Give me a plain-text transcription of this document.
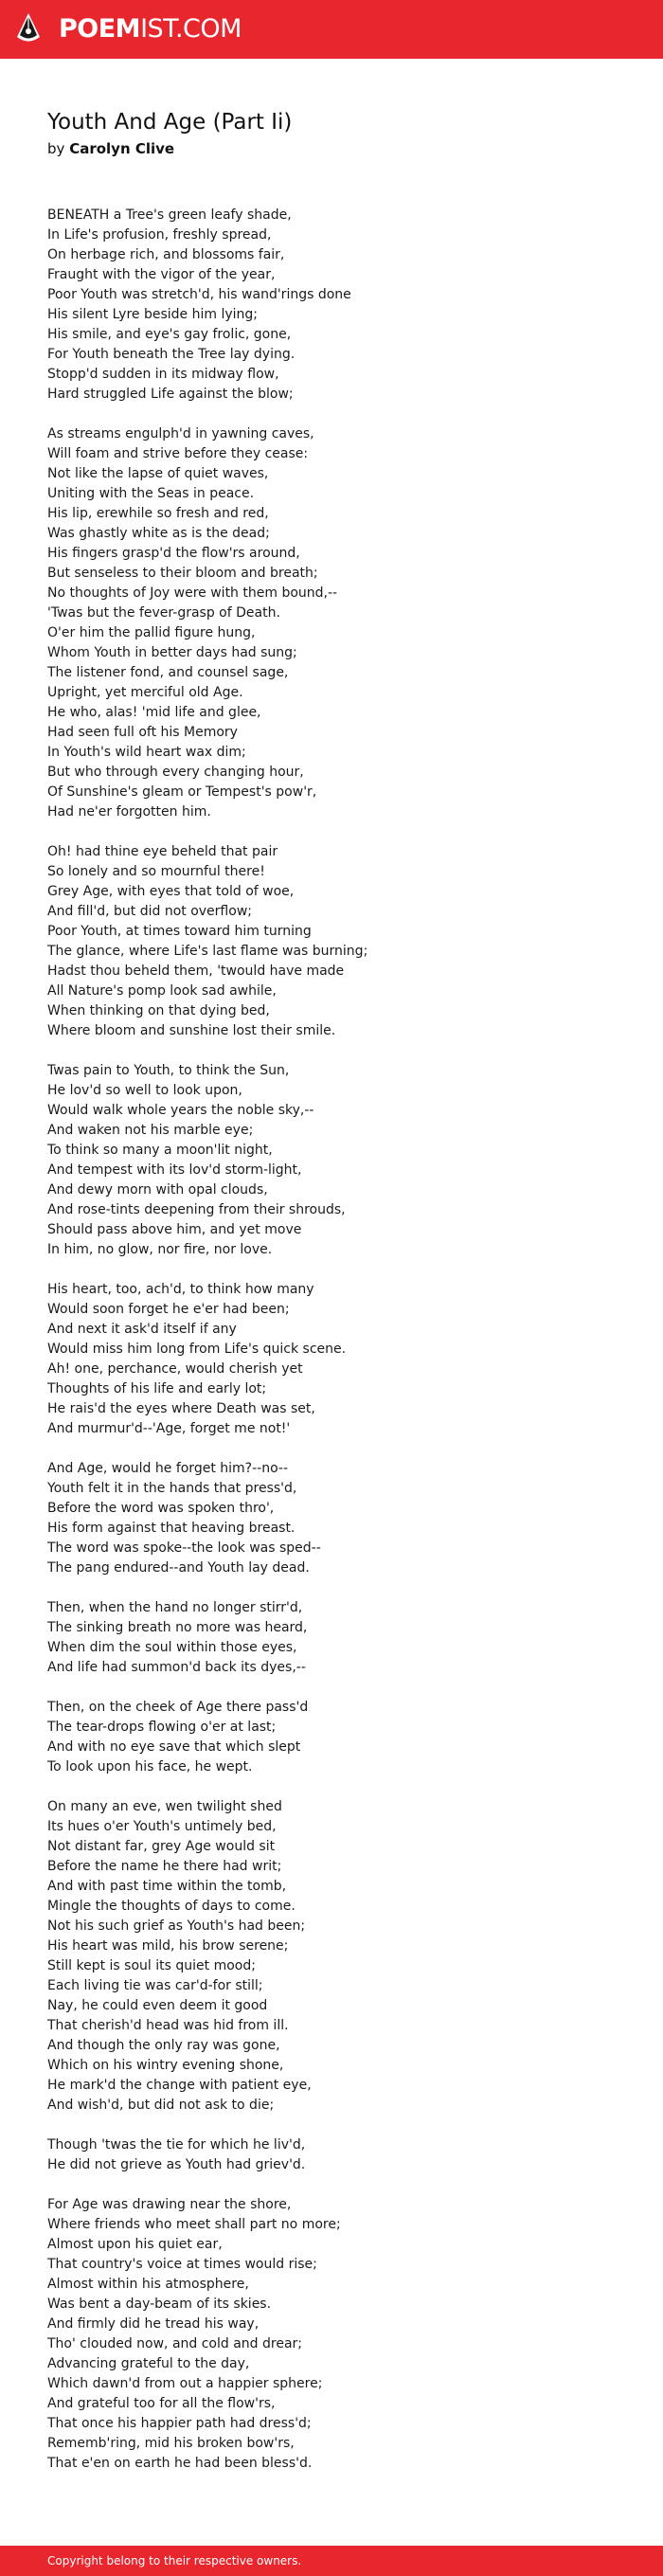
POEMIST.COM
Youth And Age (Part Ii)
by Carolyn Clive
BENEATH a Tree's green leafy shade,
In Life's profusion, freshly spread,
On herbage rich, and blossoms fair,
Fraught with the vigor of the year,
Poor Youth was stretch'd, his wand'rings done
His silent Lyre beside him lying;
His smile, and eye's gay frolic, gone,
For Youth beneath the Tree lay dying.
Stopp'd sudden in its midway flow,
Hard struggled Life against the blow;
As streams engulph'd in yawning caves,
Will foam and strive before they cease:
Not like the lapse of quiet waves,
Uniting with the Seas in peace.
His lip, erewhile so fresh and red,
Was ghastly white as is the dead;
His fingers grasp'd the flow'rs around,
But senseless to their bloom and breath;
No thoughts of Joy were with them bound,--
'Twas but the fever-grasp of Death.
O'er him the pallid figure hung,
Whom Youth in better days had sung;
The listener fond, and counsel sage,
Upright, yet merciful old Age.
He who, alas! 'mid life and glee,
Had seen full oft his Memory
In Youth's wild heart wax dim;
But who through every changing hour,
Of Sunshine's gleam or Tempest's pow'r,
Had ne'er forgotten him.
Oh! had thine eye beheld that pair
So lonely and so mournful there!
Grey Age, with eyes that told of woe,
And fill'd, but did not overflow;
Poor Youth, at times toward him turning
The glance, where Life's last flame was burning;
Hadst thou beheld them, 'twould have made
All Nature's pomp look sad awhile,
When thinking on that dying bed,
Where bloom and sunshine lost their smile.
Twas pain to Youth, to think the Sun,
He lov'd so well to look upon,
Would walk whole years the noble sky,--
And waken not his marble eye;
To think so many a moon'lit night,
And tempest with its lov'd storm-light,
And dewy morn with opal clouds,
And rose-tints deepening from their shrouds,
Should pass above him, and yet move
In him, no glow, nor fire, nor love.
His heart, too, ach'd, to think how many
Would soon forget he e'er had been;
And next it ask'd itself if any
Would miss him long from Life's quick scene.
Ah! one, perchance, would cherish yet
Thoughts of his life and early lot;
He rais'd the eyes where Death was set,
And murmur'd--'Age, forget me not!'
And Age, would he forget him?--no--
Youth felt it in the hands that press'd,
Before the word was spoken thro',
His form against that heaving breast.
The word was spoke--the look was sped--
The pang endured--and Youth lay dead.
Then, when the hand no longer stirr'd,
The sinking breath no more was heard,
When dim the soul within those eyes,
And life had summon'd back its dyes,--
Then, on the cheek of Age there pass'd
The tear-drops flowing o'er at last;
And with no eye save that which slept
To look upon his face, he wept.
On many an eve, wen twilight shed
Its hues o'er Youth's untimely bed,
Not distant far, grey Age would sit
Before the name he there had writ;
And with past time within the tomb,
Mingle the thoughts of days to come.
Not his such grief as Youth's had been;
His heart was mild, his brow serene;
Still kept is soul its quiet mood;
Each living tie was car'd-for still;
Nay, he could even deem it good
That cherish'd head was hid from ill.
And though the only ray was gone,
Which on his wintry evening shone,
He mark'd the change with patient eye,
And wish'd, but did not ask to die;
Though 'twas the tie for which he liv'd,
He did not grieve as Youth had griev'd.
For Age was drawing near the shore,
Where friends who meet shall part no more;
Almost upon his quiet ear,
That country's voice at times would rise;
Almost within his atmosphere,
Was bent a day-beam of its skies.
And firmly did he tread his way,
Tho' clouded now, and cold and drear;
Advancing grateful to the day,
Which dawn'd from out a happier sphere;
And grateful too for all the flow'rs,
That once his happier path had dress'd;
Rememb'ring, mid his broken bow'rs,
That e'en on earth he had been bless'd.
Copyright belong to their respective owners.
